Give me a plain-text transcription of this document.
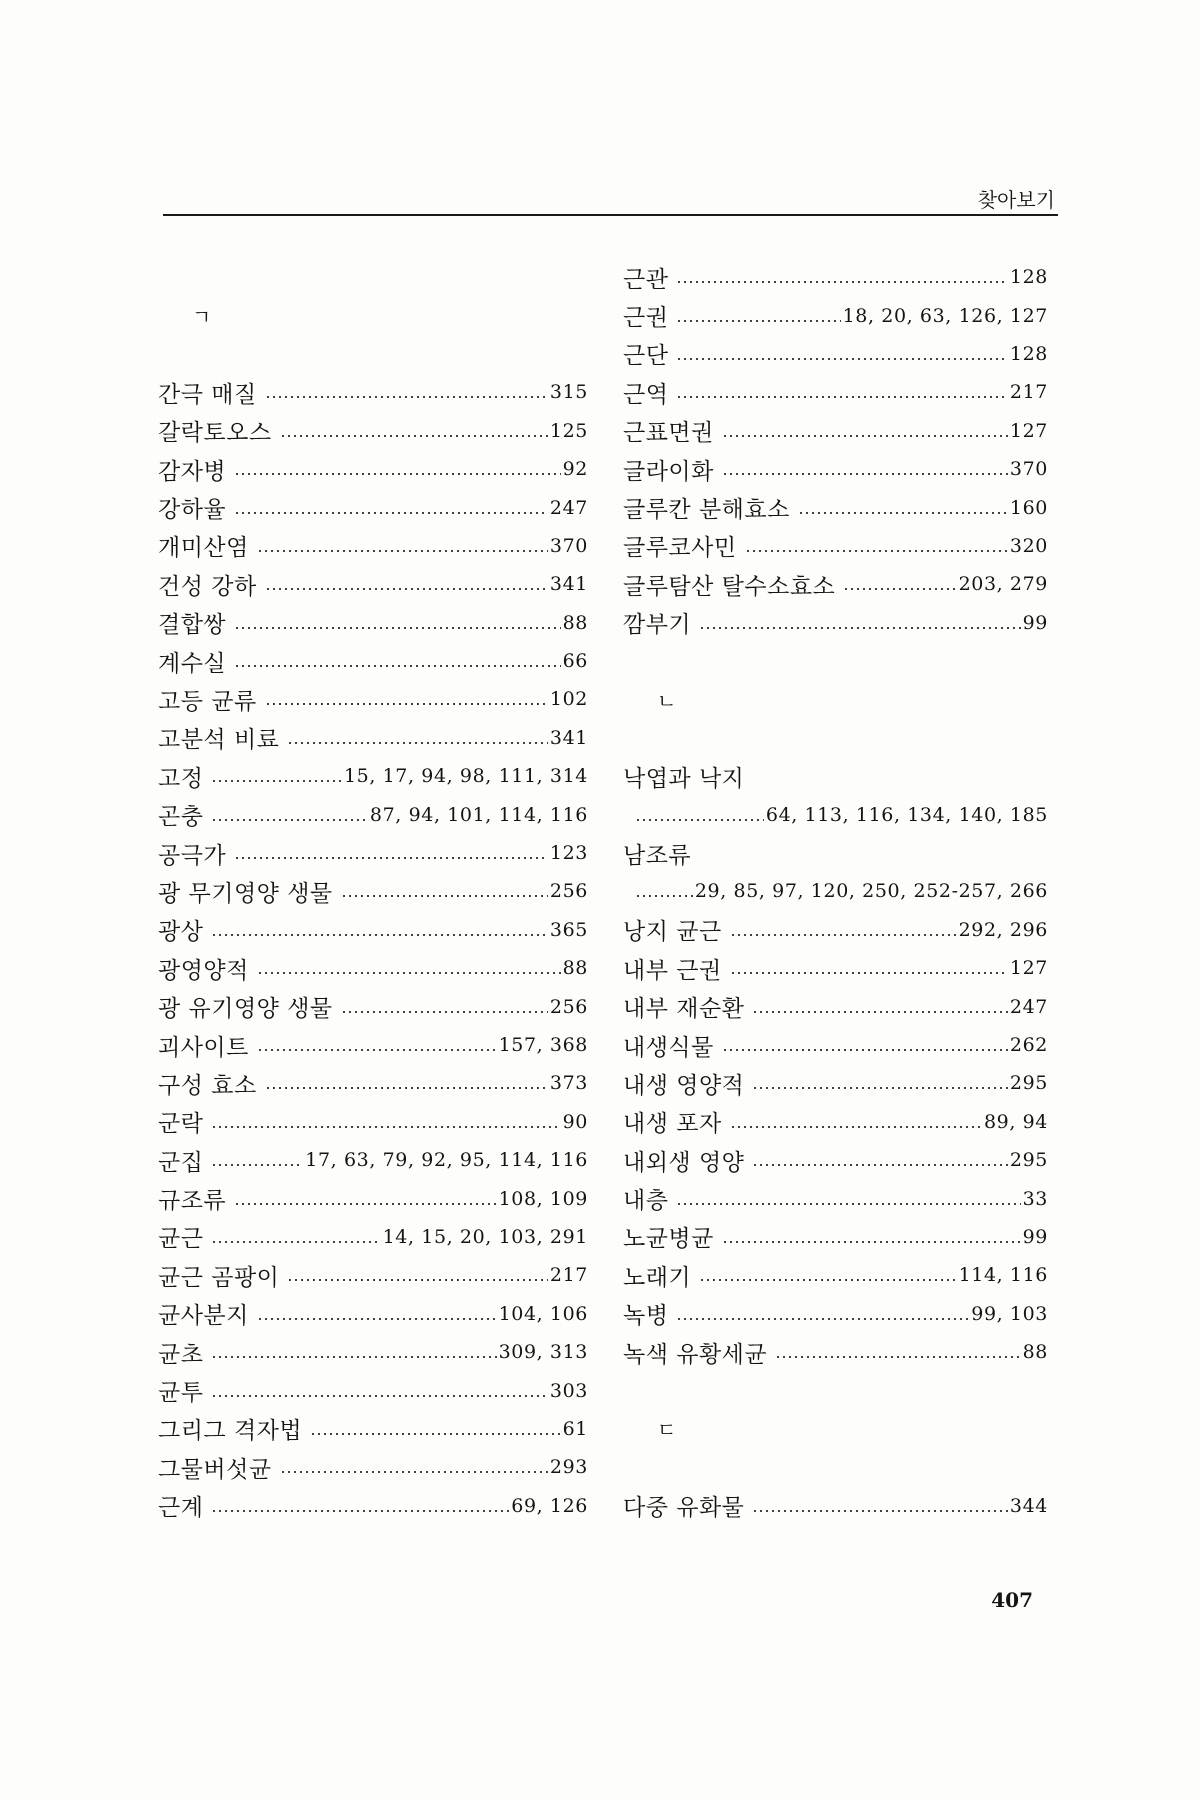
찾아보기
ㄱ
간극 매질	315
갈락토오스	125
감자병	92
강하율	247
개미산염	370
건성 강하	341
결합쌍	88
계수실	66
고등 균류	102
고분석 비료	341
고정	15, 17, 94, 98, 111, 314
곤충	87, 94, 101, 114, 116
공극가	123
광 무기영양 생물	256
광상	365
광영양적	88
광 유기영양 생물	256
괴사이트	157, 368
구성 효소	373
군락	90
군집	17, 63, 79, 92, 95, 114, 116
규조류	108, 109
균근	14, 15, 20, 103, 291
균근 곰팡이	217
균사분지	104, 106
균초	309, 313
균투	303
그리그 격자법	61
그물버섯균	293
근계	69, 126
근관	128
근권	18, 20, 63, 126, 127
근단	128
근역	217
근표면권	127
글라이화	370
글루칸 분해효소	160
글루코사민	320
글루탐산 탈수소효소	203, 279
깜부기	99
ㄴ
낙엽과 낙지
64, 113, 116, 134, 140, 185
남조류
29, 85, 97, 120, 250, 252-257, 266
낭지 균근	292, 296
내부 근권	127
내부 재순환	247
내생식물	262
내생 영양적	295
내생 포자	89, 94
내외생 영양	295
내층	33
노균병균	99
노래기	114, 116
녹병	99, 103
녹색 유황세균	88
ㄷ
다중 유화물	344
407
